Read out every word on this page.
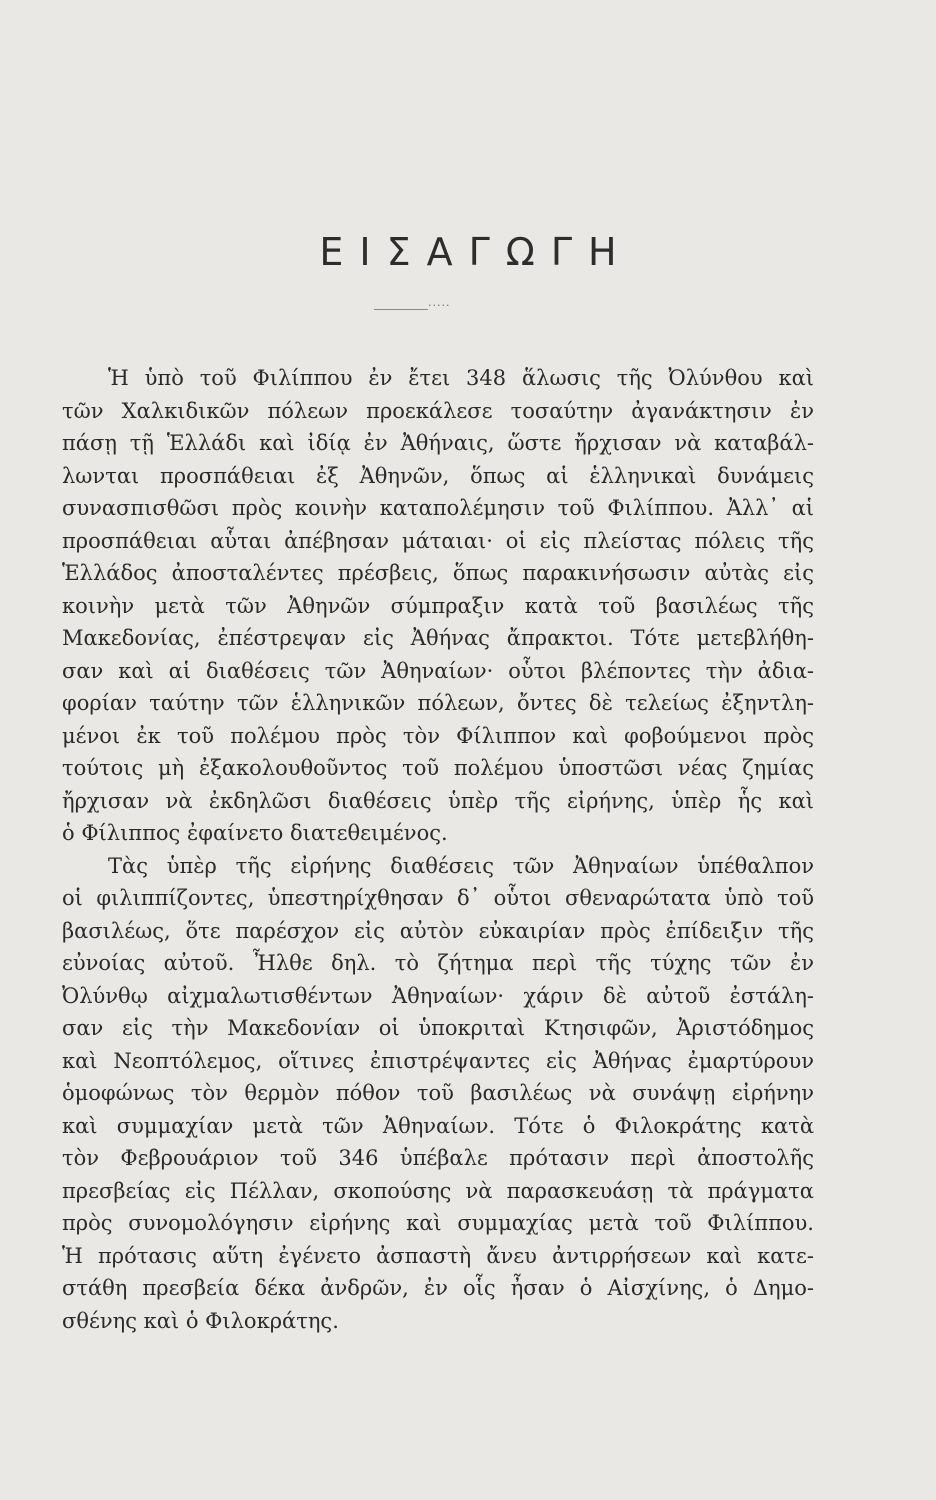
ΕΙΣΑΓΩΓΗ
.....
Ἡ ὑπὸ τοῦ Φιλίππου ἐν ἔτει 348 ἅλωσις τῆς Ὀλύνθου καὶ
τῶν Χαλκιδικῶν πόλεων προεκάλεσε τοσαύτην ἀγανάκτησιν ἐν
πάσῃ τῇ Ἑλλάδι καὶ ἰδίᾳ ἐν Ἀθήναις, ὥστε ἤρχισαν νὰ καταβάλ-
λωνται προσπάθειαι ἐξ Ἀθηνῶν, ὅπως αἱ ἑλληνικαὶ δυνάμεις
συνασπισθῶσι πρὸς κοινὴν καταπολέμησιν τοῦ Φιλίππου. Ἀλλ᾽ αἱ
προσπάθειαι αὗται ἀπέβησαν μάταιαι· οἱ εἰς πλείστας πόλεις τῆς
Ἑλλάδος ἀποσταλέντες πρέσβεις, ὅπως παρακινήσωσιν αὐτὰς εἰς
κοινὴν μετὰ τῶν Ἀθηνῶν σύμπραξιν κατὰ τοῦ βασιλέως τῆς
Μακεδονίας, ἐπέστρεψαν εἰς Ἀθήνας ἄπρακτοι. Τότε μετεβλήθη-
σαν καὶ αἱ διαθέσεις τῶν Ἀθηναίων· οὗτοι βλέποντες τὴν ἀδια-
φορίαν ταύτην τῶν ἑλληνικῶν πόλεων, ὄντες δὲ τελείως ἐξηντλη-
μένοι ἐκ τοῦ πολέμου πρὸς τὸν Φίλιππον καὶ φοβούμενοι πρὸς
τούτοις μὴ ἐξακολουθοῦντος τοῦ πολέμου ὑποστῶσι νέας ζημίας
ἤρχισαν νὰ ἐκδηλῶσι διαθέσεις ὑπὲρ τῆς εἰρήνης, ὑπὲρ ἧς καὶ
ὁ Φίλιππος ἐφαίνετο διατεθειμένος.
Τὰς ὑπὲρ τῆς εἰρήνης διαθέσεις τῶν Ἀθηναίων ὑπέθαλπον
οἱ φιλιππίζοντες, ὑπεστηρίχθησαν δ᾽ οὗτοι σθεναρώτατα ὑπὸ τοῦ
βασιλέως, ὅτε παρέσχον εἰς αὐτὸν εὐκαιρίαν πρὸς ἐπίδειξιν τῆς
εὐνοίας αὐτοῦ. Ἦλθε δηλ. τὸ ζήτημα περὶ τῆς τύχης τῶν ἐν
Ὀλύνθῳ αἰχμαλωτισθέντων Ἀθηναίων· χάριν δὲ αὐτοῦ ἐστάλη-
σαν εἰς τὴν Μακεδονίαν οἱ ὑποκριταὶ Κτησιφῶν, Ἀριστόδημος
καὶ Νεοπτόλεμος, οἵτινες ἐπιστρέψαντες εἰς Ἀθήνας ἐμαρτύρουν
ὁμοφώνως τὸν θερμὸν πόθον τοῦ βασιλέως νὰ συνάψῃ εἰρήνην
καὶ συμμαχίαν μετὰ τῶν Ἀθηναίων. Τότε ὁ Φιλοκράτης κατὰ
τὸν Φεβρουάριον τοῦ 346 ὑπέβαλε πρότασιν περὶ ἀποστολῆς
πρεσβείας εἰς Πέλλαν, σκοπούσης νὰ παρασκευάσῃ τὰ πράγματα
πρὸς συνομολόγησιν εἰρήνης καὶ συμμαχίας μετὰ τοῦ Φιλίππου.
Ἡ πρότασις αὕτη ἐγένετο ἀσπαστὴ ἄνευ ἀντιρρήσεων καὶ κατε-
στάθη πρεσβεία δέκα ἀνδρῶν, ἐν οἷς ἦσαν ὁ Αἰσχίνης, ὁ Δημο-
σθένης καὶ ὁ Φιλοκράτης.
